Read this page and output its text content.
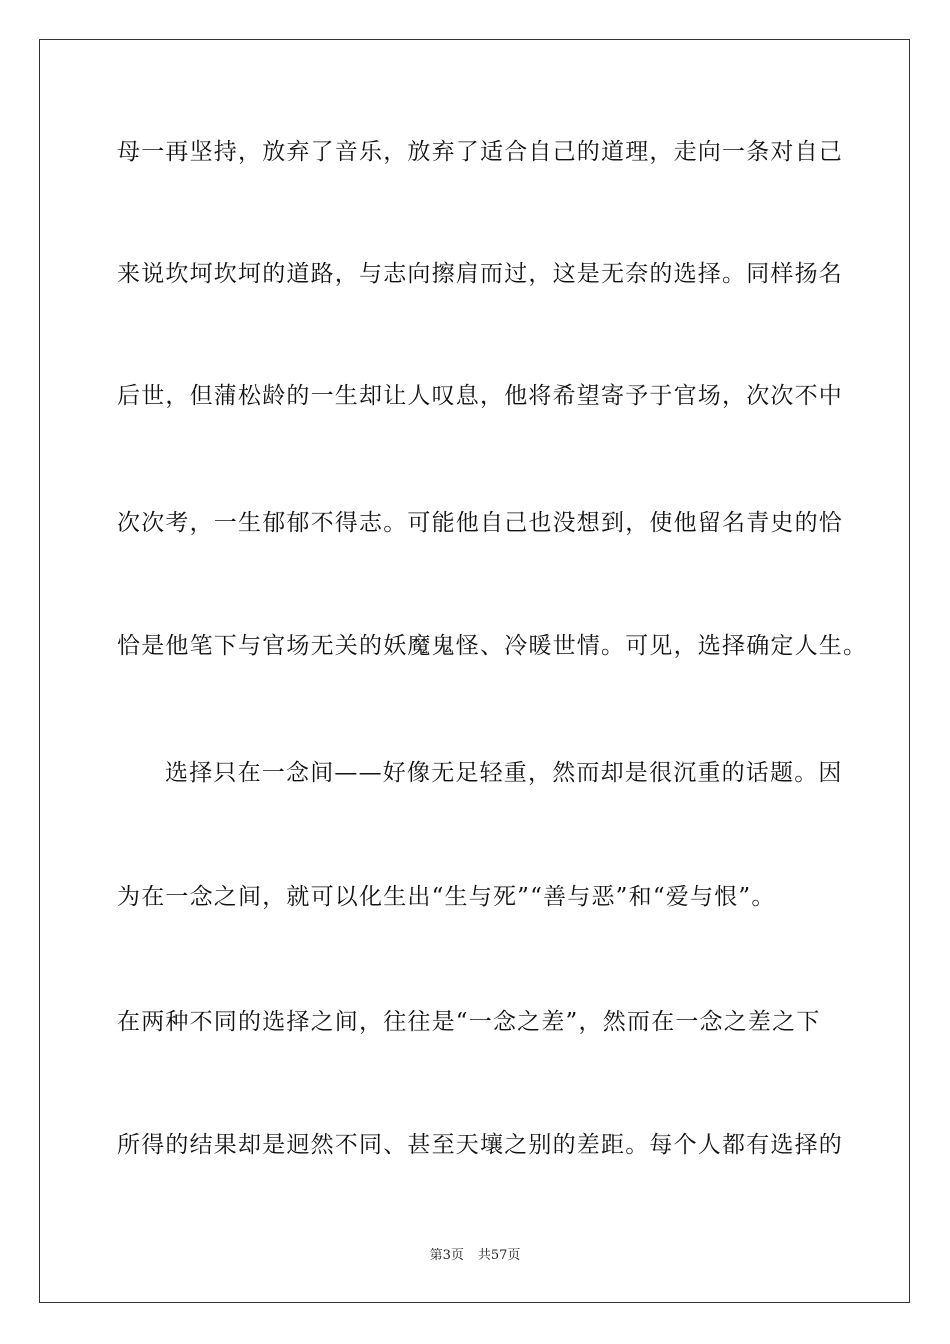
母一再坚持，放弃了音乐，放弃了适合自己的道理，走向一条对自己
来说坎坷坎坷的道路，与志向擦肩而过，这是无奈的选择。同样扬名
后世，但蒲松龄的一生却让人叹息，他将希望寄予于官场，次次不中
次次考，一生郁郁不得志。可能他自己也没想到，使他留名青史的恰
恰是他笔下与官场无关的妖魔鬼怪、冷暖世情。可见，选择确定人生。
选择只在一念间——好像无足轻重，然而却是很沉重的话题。因
为在一念之间，就可以化生出“生与死”“善与恶”和“爱与恨”。
在两种不同的选择之间，往往是“一念之差”，然而在一念之差之下
所得的结果却是迥然不同、甚至天壤之别的差距。每个人都有选择的
第3页 共57页
